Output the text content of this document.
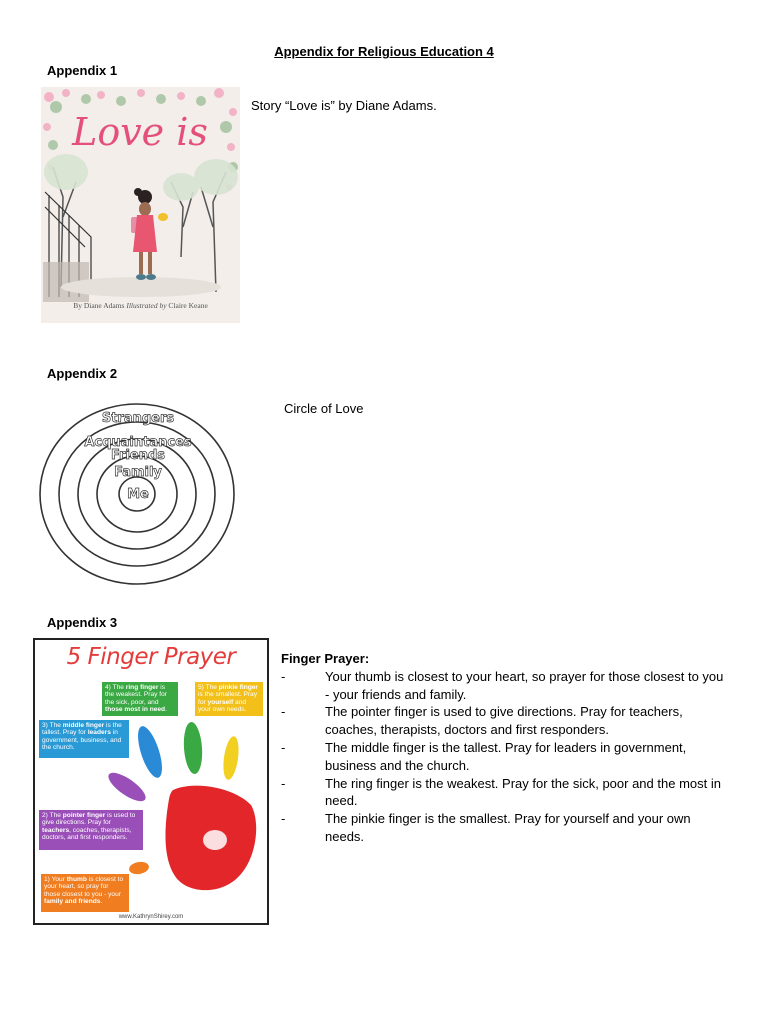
Appendix for Religious Education 4
Appendix 1
Love is
By Diane Adams Illustrated by Claire Keane
Story “Love is” by Diane Adams.
Appendix 2
Strangers
Acquaintances
Friends
Family
Me
Circle of Love
Appendix 3
5 Finger Prayer
4) The ring finger is the weakest. Pray for the sick, poor, and those most in need.
5) The pinkie finger is the smallest. Pray for yourself and your own needs.
3) The middle finger is the tallest. Pray for leaders in government, business, and the church.
2) The pointer finger is used to give directions. Pray for teachers, coaches, therapists, doctors, and first responders.
1) Your thumb is closest to your heart, so pray for those closest to you - your family and friends.
www.KathrynShirey.com
Finger Prayer:
-	Your thumb is closest to your heart, so prayer for those closest to you - your friends and family.
-	The pointer finger is used to give directions. Pray for teachers, coaches, therapists, doctors and first responders.
-	The middle finger is the tallest. Pray for leaders in government, business and the church.
-	The ring finger is the weakest. Pray for the sick, poor and the most in need.
-	The pinkie finger is the smallest. Pray for yourself and your own needs.
